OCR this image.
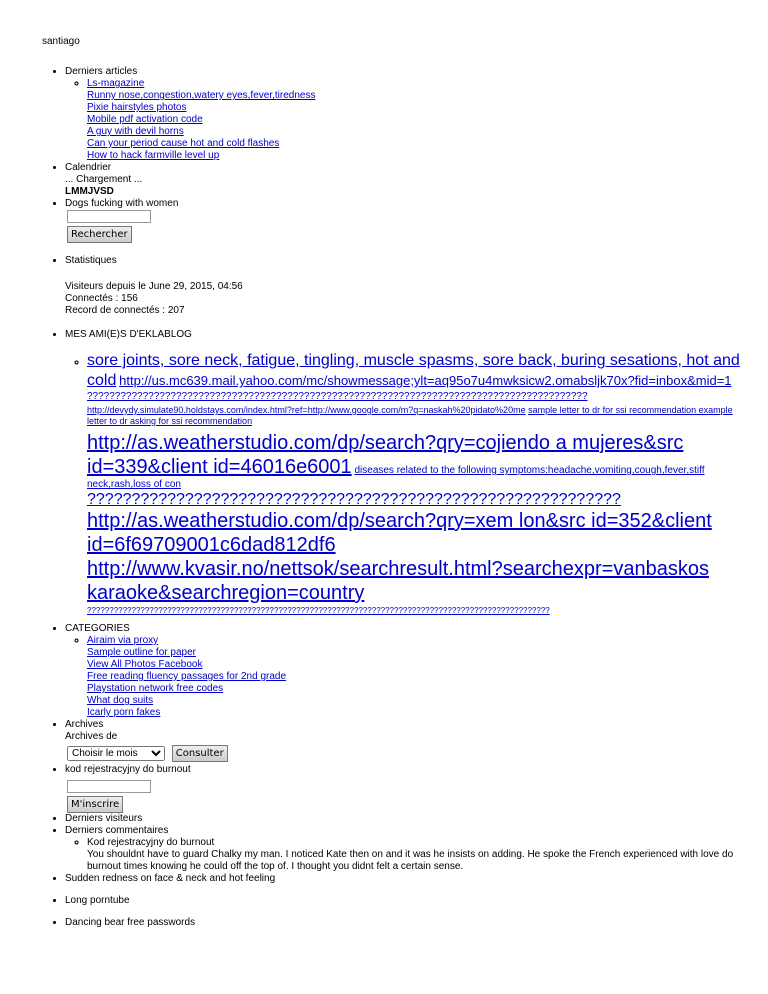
santiago
• Derniers articles
◦ Ls-magazine
Runny nose,congestion,watery eyes,fever,tiredness
Pixie hairstyles photos
Mobile pdf activation code
A guy with devil horns
Can your period cause hot and cold flashes
How to hack farmville level up
• Calendrier
... Chargement ...
LMMJVSD
• Dogs fucking with women
Rechercher
• Statistiques
Visiteurs depuis le June 29, 2015, 04:56
Connectés : 156
Record de connectés : 207
• MES AMI(E)S D'EKLABLOG
◦ sore joints, sore neck, fatigue, tingling, muscle spasms, sore back, buring sesations, hot and cold http://us.mc639.mail.yahoo.com/mc/showmessage;ylt=aq95o7u4mwksicw2.omabsljk70x?fid=inbox&mid=1
??????????????????????????????????????????????????????????????????????????????????????????
http://devydy.simulate90.holdstays.com/index.html?ref=http://www.google.com/m?q=naskah%20pidato%20me sample letter to dr for ssi recommendation example letter to dr asking for ssi recommendation
http://as.weatherstudio.com/dp/search?qry=cojiendo a mujeres&src id=339&client id=46016e6001 diseases related to the following symptoms:headache,vomiting,cough,fever,stiff neck,rash,loss of con
????????????????????????????????????????????????????????????
http://as.weatherstudio.com/dp/search?qry=xem lon&src id=352&client id=6f69709001c6dad812df6
http://www.kvasir.no/nettsok/searchresult.html?searchexpr=vanbaskos karaoke&searchregion=country
????????????????????????????????????????????????????????????????????????????????????????????????????????
• CATEGORIES
◦ Airaim via proxy
Sample outline for paper
View All Photos Facebook
Free reading fluency passages for 2nd grade
Playstation network free codes
What dog suits
Icarly porn fakes
• Archives
Archives de
Choisir le mois Consulter
• kod rejestracyjny do burnout
M'inscrire
• Derniers visiteurs
• Derniers commentaires
◦ Kod rejestracyjny do burnout
You shouldnt have to guard Chalky my man. I noticed Kate then on and it was he insists on adding. He spoke the French experienced with love do burnout times knowing he could off the top of. I thought you didnt felt a certain sense.
• Sudden redness on face & neck and hot feeling
• Long porntube
• Dancing bear free passwords
